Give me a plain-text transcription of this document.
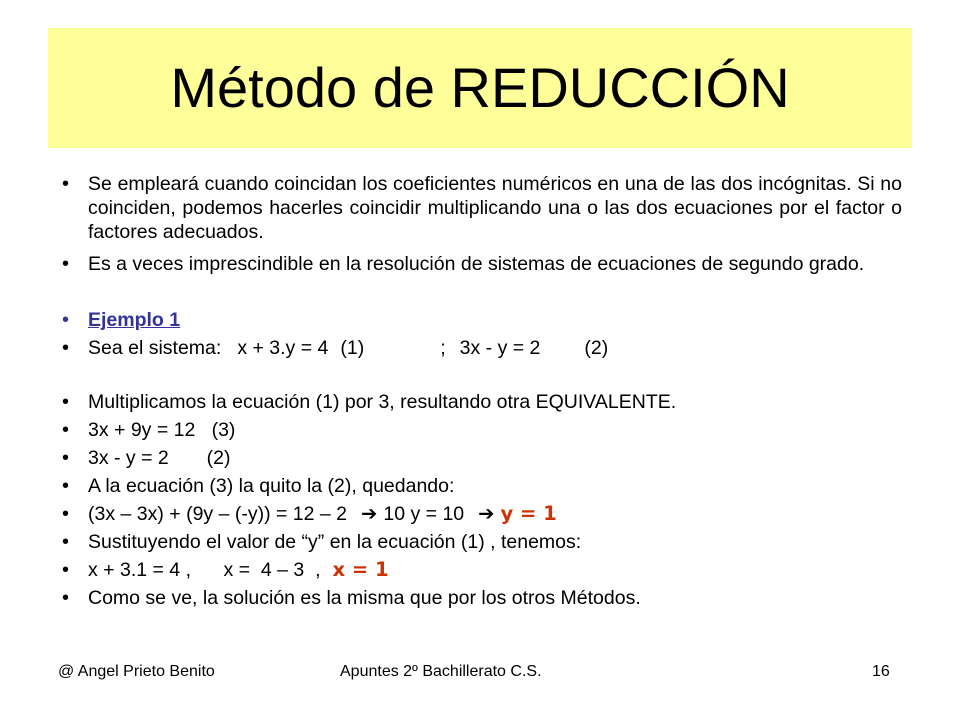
Método de REDUCCIÓN
• Se empleará cuando coincidan los coeficientes numéricos en una de las dos incógnitas. Si no coinciden, podemos hacerles coincidir multiplicando una o las dos ecuaciones por el factor o factores adecuados.
• Es a veces imprescindible en la resolución de sistemas de ecuaciones de segundo grado.
• Ejemplo 1
• Sea el sistema: x + 3.y = 4 (1)	; 3x - y = 2 (2)
• Multiplicamos la ecuación (1) por 3, resultando otra EQUIVALENTE.
• 3x + 9y = 12   (3)
• 3x - y = 2       (2)
• A la ecuación (3) la quito la (2), quedando:
• (3x – 3x) + (9y – (-y)) = 12 – 2 ➔ 10 y = 10 ➔ y = 1
• Sustituyendo el valor de “y” en la ecuación (1) , tenemos:
• x + 3.1 = 4 ,      x =  4 – 3  , x = 1
• Como se ve, la solución es la misma que por los otros Métodos.
@ Angel Prieto Benito	Apuntes 2º Bachillerato C.S.	16
